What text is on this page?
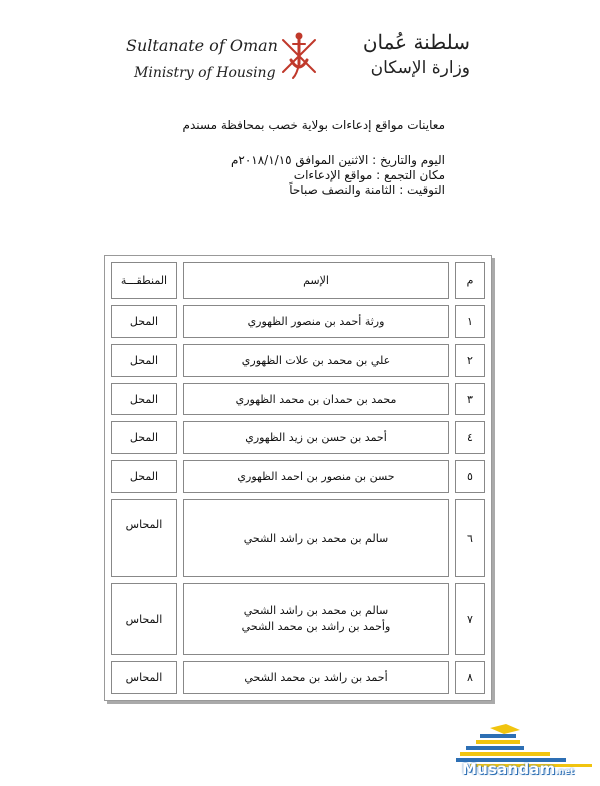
Sultanate of Oman
Ministry of Housing
سلطنة عُمان
وزارة الإسكان
معاينات مواقع إدعاءات بولاية خصب بمحافظة مسندم
اليوم والتاريخ : الاثنين الموافق ٢٠١٨/١/١٥م
مكان التجمع : مواقع الإدعاءات
التوقيت : الثامنة والنصف صباحاً
م	الإسم	المنطقـــة
١	ورثة أحمد بن منصور الظهوري	المحل
٢	علي بن محمد بن علات الظهوري	المحل
٣	محمد بن حمدان بن محمد الظهوري	المحل
٤	أحمد بن حسن بن زيد الظهوري	المحل
٥	حسن بن منصور بن احمد الظهوري	المحل
٦	سالم بن محمد بن راشد الشحي	المحاس
٧	سالم بن محمد بن راشد الشحي
وأحمد بن راشد بن محمد الشحي	المحاس
٨	أحمد بن راشد بن محمد الشحي	المحاس
Musandam.net
